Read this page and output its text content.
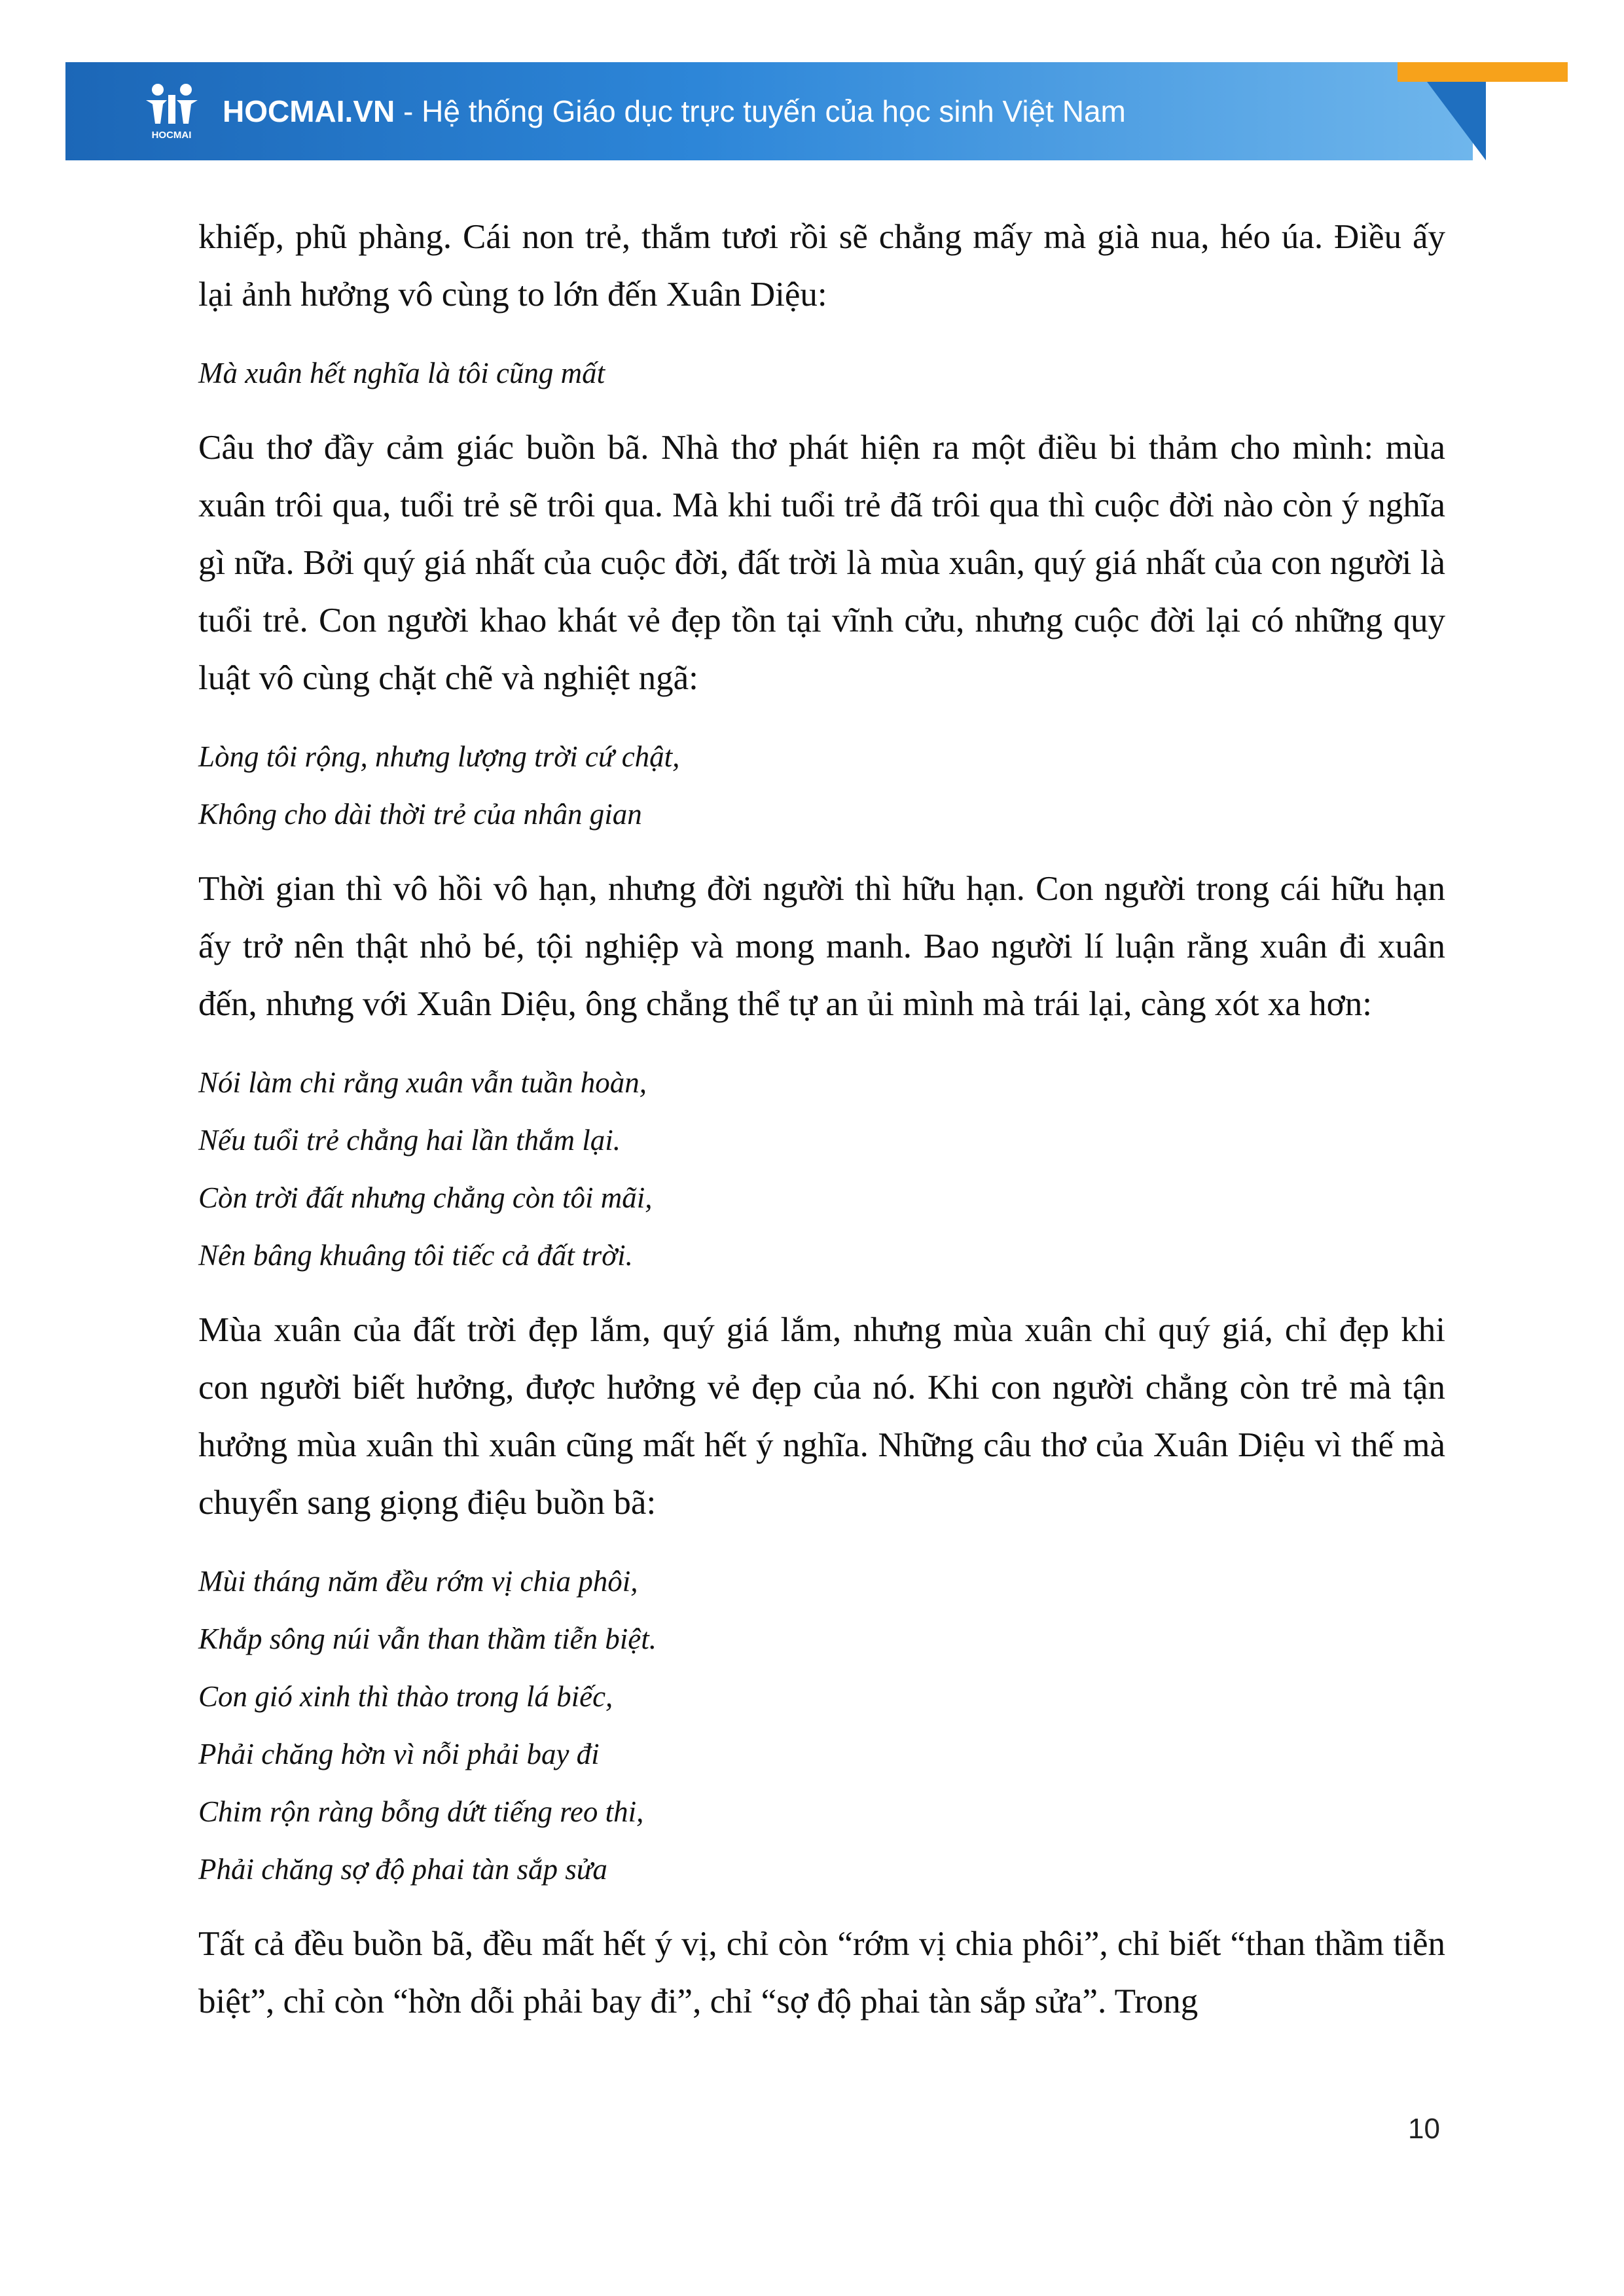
HOCMAI
HOCMAI.VN - Hệ thống Giáo dục trực tuyến của học sinh Việt Nam

khiếp, phũ phàng. Cái non trẻ, thắm tươi rồi sẽ chẳng mấy mà già nua, héo úa. Điều ấy lại ảnh hưởng vô cùng to lớn đến Xuân Diệu:

Mà xuân hết nghĩa là tôi cũng mất

Câu thơ đầy cảm giác buồn bã. Nhà thơ phát hiện ra một điều bi thảm cho mình: mùa xuân trôi qua, tuổi trẻ sẽ trôi qua. Mà khi tuổi trẻ đã trôi qua thì cuộc đời nào còn ý nghĩa gì nữa. Bởi quý giá nhất của cuộc đời, đất trời là mùa xuân, quý giá nhất của con người là tuổi trẻ. Con người khao khát vẻ đẹp tồn tại vĩnh cửu, nhưng cuộc đời lại có những quy luật vô cùng chặt chẽ và nghiệt ngã:

Lòng tôi rộng, nhưng lượng trời cứ chật,

Không cho dài thời trẻ của nhân gian

Thời gian thì vô hồi vô hạn, nhưng đời người thì hữu hạn. Con người trong cái hữu hạn ấy trở nên thật nhỏ bé, tội nghiệp và mong manh. Bao người lí luận rằng xuân đi xuân đến, nhưng với Xuân Diệu, ông chẳng thể tự an ủi mình mà trái lại, càng xót xa hơn:

Nói làm chi rằng xuân vẫn tuần hoàn,

Nếu tuổi trẻ chẳng hai lần thắm lại.

Còn trời đất nhưng chẳng còn tôi mãi,

Nên bâng khuâng tôi tiếc cả đất trời.

Mùa xuân của đất trời đẹp lắm, quý giá lắm, nhưng mùa xuân chỉ quý giá, chỉ đẹp khi con người biết hưởng, được hưởng vẻ đẹp của nó. Khi con người chẳng còn trẻ mà tận hưởng mùa xuân thì xuân cũng mất hết ý nghĩa. Những câu thơ của Xuân Diệu vì thế mà chuyển sang giọng điệu buồn bã:

Mùi tháng năm đều rớm vị chia phôi,

Khắp sông núi vẫn than thầm tiễn biệt.

Con gió xinh thì thào trong lá biếc,

Phải chăng hờn vì nỗi phải bay đi

Chim rộn ràng bỗng dứt tiếng reo thi,

Phải chăng sợ độ phai tàn sắp sửa

Tất cả đều buồn bã, đều mất hết ý vị, chỉ còn “rớm vị chia phôi”, chỉ biết “than thầm tiễn biệt”, chỉ còn “hờn dỗi phải bay đi”, chỉ “sợ độ phai tàn sắp sửa”. Trong

10
